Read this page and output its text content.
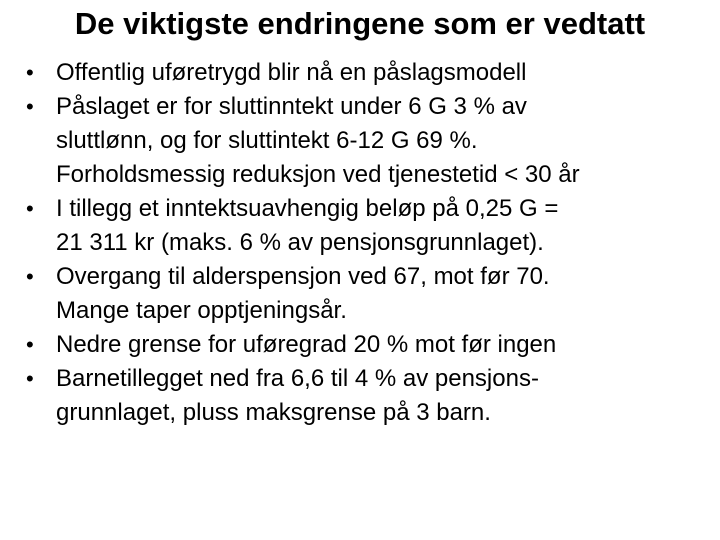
De viktigste endringene som er vedtatt
• Offentlig uføretrygd blir nå en påslagsmodell
• Påslaget er for sluttinntekt under 6 G 3 % av
sluttlønn, og for sluttintekt 6-12 G 69 %.
Forholdsmessig reduksjon ved tjenestetid < 30 år
• I tillegg et inntektsuavhengig beløp på 0,25 G =
21 311 kr (maks. 6 % av pensjonsgrunnlaget).
• Overgang til alderspensjon ved 67, mot før 70.
Mange taper opptjeningsår.
• Nedre grense for uføregrad 20 % mot før ingen
• Barnetillegget ned fra 6,6 til 4 % av pensjons-
grunnlaget, pluss maksgrense på 3 barn.
